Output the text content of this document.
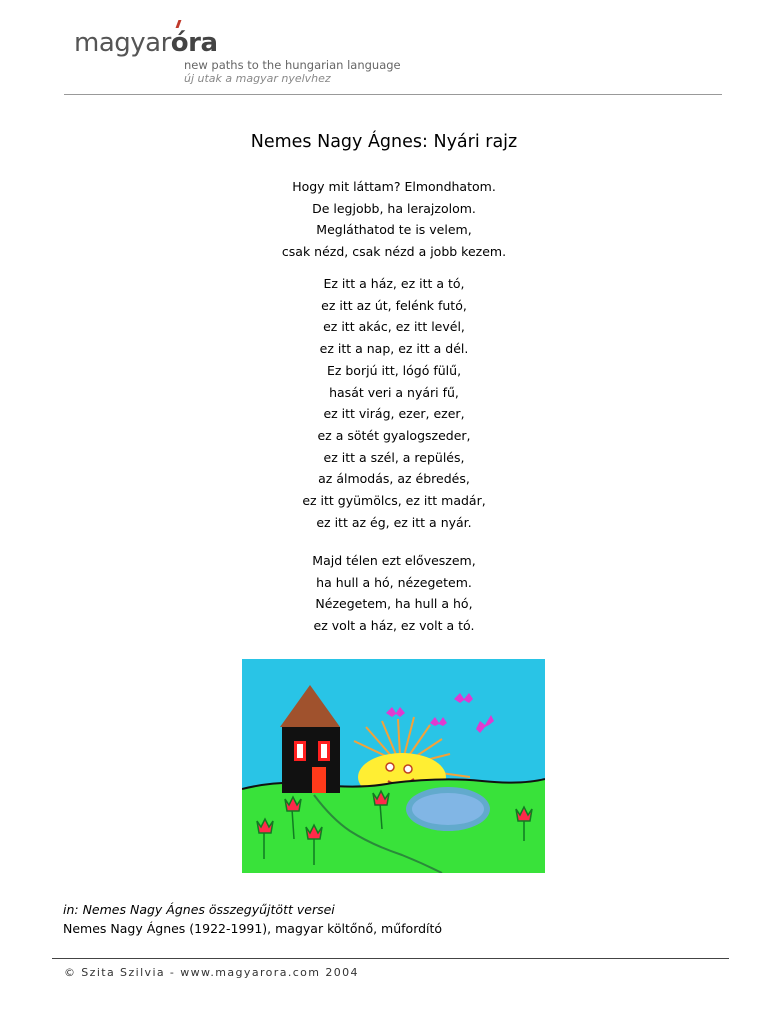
magyar
óra
new paths to the hungarian language
új utak a magyar nyelvhez
Nemes Nagy Ágnes: Nyári rajz
Hogy mit láttam? Elmondhatom.
De legjobb, ha lerajzolom.
Megláthatod te is velem,
csak nézd, csak nézd a jobb kezem.
Ez itt a ház, ez itt a tó,
ez itt az út, felénk futó,
ez itt akác, ez itt levél,
ez itt a nap, ez itt a dél.
Ez borjú itt, lógó fülű,
hasát veri a nyári fű,
ez itt virág, ezer, ezer,
ez a sötét gyalogszeder,
ez itt a szél, a repülés,
az álmodás, az ébredés,
ez itt gyümölcs, ez itt madár,
ez itt az ég, ez itt a nyár.
Majd télen ezt előveszem,
ha hull a hó, nézegetem.
Nézegetem, ha hull a hó,
ez volt a ház, ez volt a tó.
in: Nemes Nagy Ágnes összegyűjtött versei
Nemes Nagy Ágnes (1922-1991), magyar költőnő, műfordító
© Szita Szilvia - www.magyarora.com 2004
